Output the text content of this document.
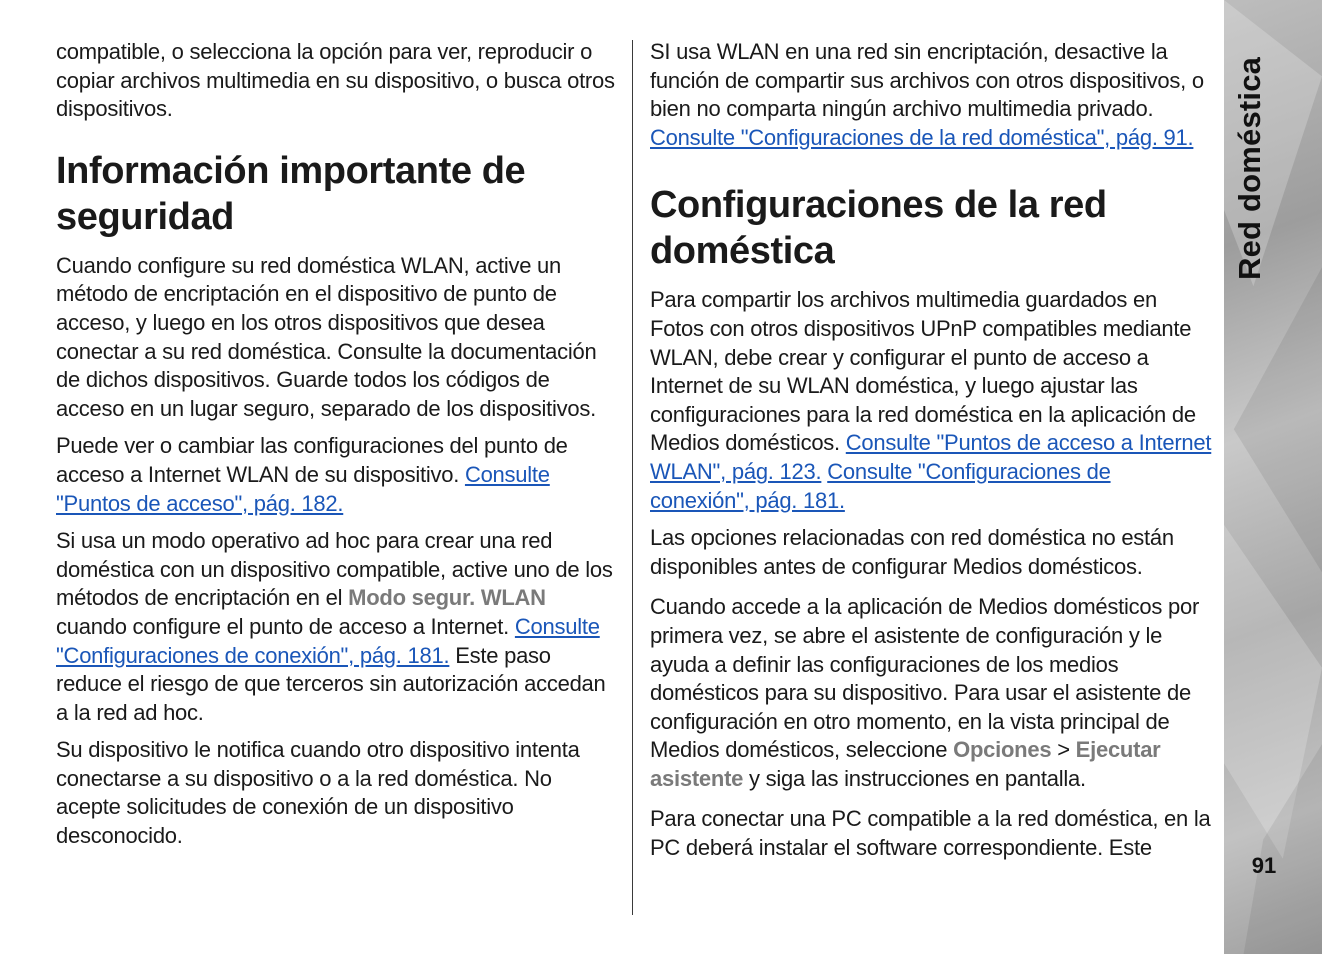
compatible, o selecciona la opción para ver, reproducir o copiar archivos multimedia en su dispositivo, o busca otros dispositivos.

Información importante de seguridad

Cuando configure su red doméstica WLAN, active un método de encriptación en el dispositivo de punto de acceso, y luego en los otros dispositivos que desea conectar a su red doméstica. Consulte la documentación de dichos dispositivos. Guarde todos los códigos de acceso en un lugar seguro, separado de los dispositivos.

Puede ver o cambiar las configuraciones del punto de acceso a Internet WLAN de su dispositivo. Consulte "Puntos de acceso", pág. 182.

Si usa un modo operativo ad hoc para crear una red doméstica con un dispositivo compatible, active uno de los métodos de encriptación en el Modo segur. WLAN cuando configure el punto de acceso a Internet. Consulte "Configuraciones de conexión", pág. 181. Este paso reduce el riesgo de que terceros sin autorización accedan a la red ad hoc.

Su dispositivo le notifica cuando otro dispositivo intenta conectarse a su dispositivo o a la red doméstica. No acepte solicitudes de conexión de un dispositivo desconocido.

SI usa WLAN en una red sin encriptación, desactive la función de compartir sus archivos con otros dispositivos, o bien no comparta ningún archivo multimedia privado. Consulte "Configuraciones de la red doméstica", pág. 91.

Configuraciones de la red doméstica

Para compartir los archivos multimedia guardados en Fotos con otros dispositivos UPnP compatibles mediante WLAN, debe crear y configurar el punto de acceso a Internet de su WLAN doméstica, y luego ajustar las configuraciones para la red doméstica en la aplicación de Medios domésticos. Consulte "Puntos de acceso a Internet WLAN", pág. 123. Consulte "Configuraciones de conexión", pág. 181.

Las opciones relacionadas con red doméstica no están disponibles antes de configurar Medios domésticos.

Cuando accede a la aplicación de Medios domésticos por primera vez, se abre el asistente de configuración y le ayuda a definir las configuraciones de los medios domésticos para su dispositivo. Para usar el asistente de configuración en otro momento, en la vista principal de Medios domésticos, seleccione Opciones > Ejecutar asistente y siga las instrucciones en pantalla.

Para conectar una PC compatible a la red doméstica, en la PC deberá instalar el software correspondiente. Este

Red doméstica
91
